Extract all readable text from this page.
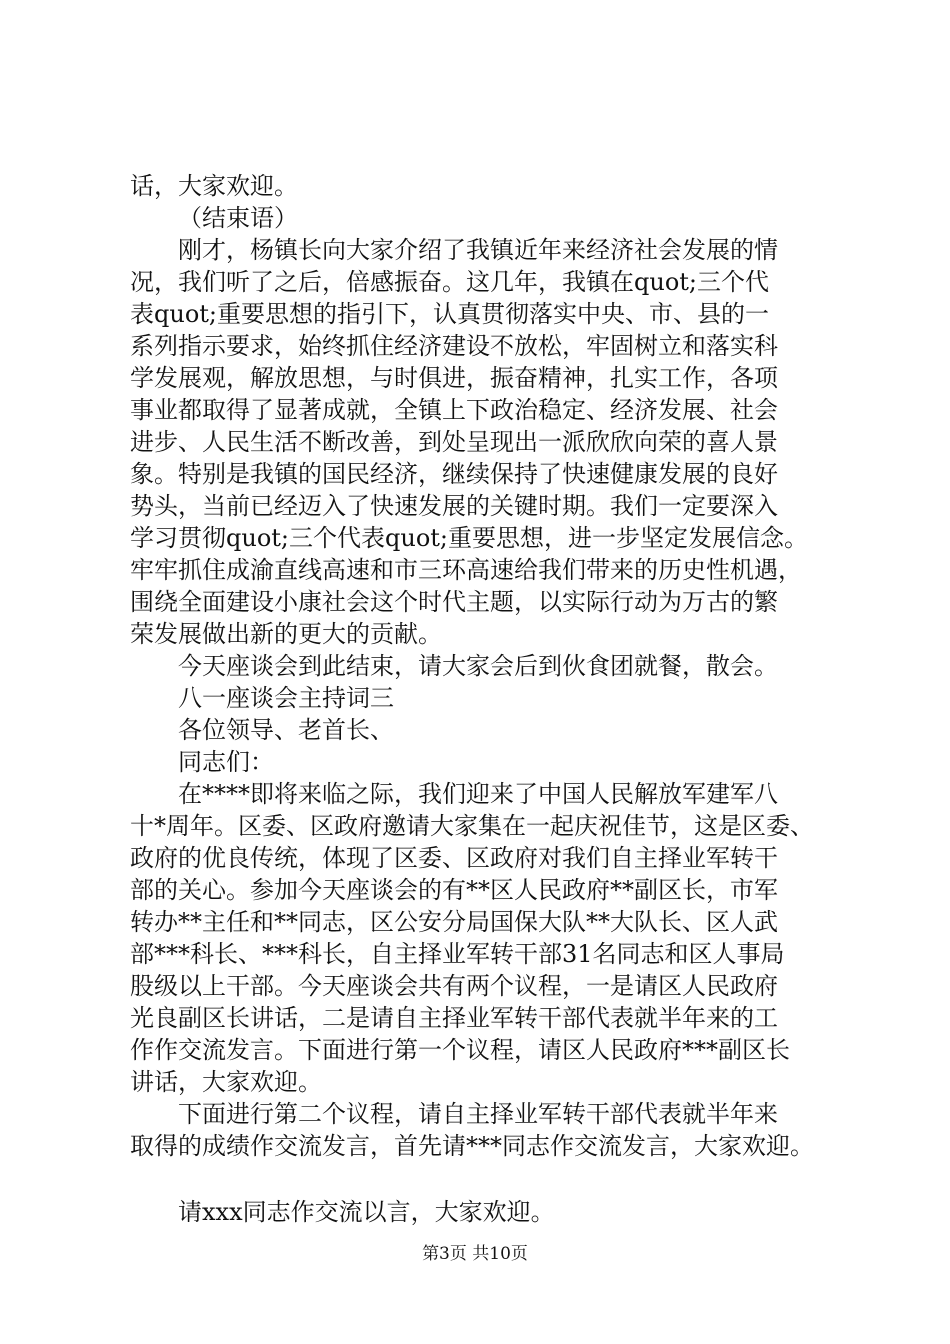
话，大家欢迎。
（结束语）
刚才，杨镇长向大家介绍了我镇近年来经济社会发展的情
况，我们听了之后，倍感振奋。这几年，我镇在quot;三个代
表quot;重要思想的指引下，认真贯彻落实中央、市、县的一
系列指示要求，始终抓住经济建设不放松，牢固树立和落实科
学发展观，解放思想，与时俱进，振奋精神，扎实工作，各项
事业都取得了显著成就，全镇上下政治稳定、经济发展、社会
进步、人民生活不断改善，到处呈现出一派欣欣向荣的喜人景
象。特别是我镇的国民经济，继续保持了快速健康发展的良好
势头，当前已经迈入了快速发展的关键时期。我们一定要深入
学习贯彻quot;三个代表quot;重要思想，进一步坚定发展信念。
牢牢抓住成渝直线高速和市三环高速给我们带来的历史性机遇，
围绕全面建设小康社会这个时代主题，以实际行动为万古的繁
荣发展做出新的更大的贡献。
今天座谈会到此结束，请大家会后到伙食团就餐，散会。
八一座谈会主持词三
各位领导、老首长、
同志们：
在****即将来临之际，我们迎来了中国人民解放军建军八
十*周年。区委、区政府邀请大家集在一起庆祝佳节，这是区委、
政府的优良传统，体现了区委、区政府对我们自主择业军转干
部的关心。参加今天座谈会的有**区人民政府**副区长，市军
转办**主任和**同志，区公安分局国保大队**大队长、区人武
部***科长、***科长，自主择业军转干部31名同志和区人事局
股级以上干部。今天座谈会共有两个议程，一是请区人民政府
光良副区长讲话，二是请自主择业军转干部代表就半年来的工
作作交流发言。下面进行第一个议程，请区人民政府***副区长
讲话，大家欢迎。
下面进行第二个议程，请自主择业军转干部代表就半年来
取得的成绩作交流发言，首先请***同志作交流发言，大家欢迎。
请xxx同志作交流以言，大家欢迎。
第3页 共10页
